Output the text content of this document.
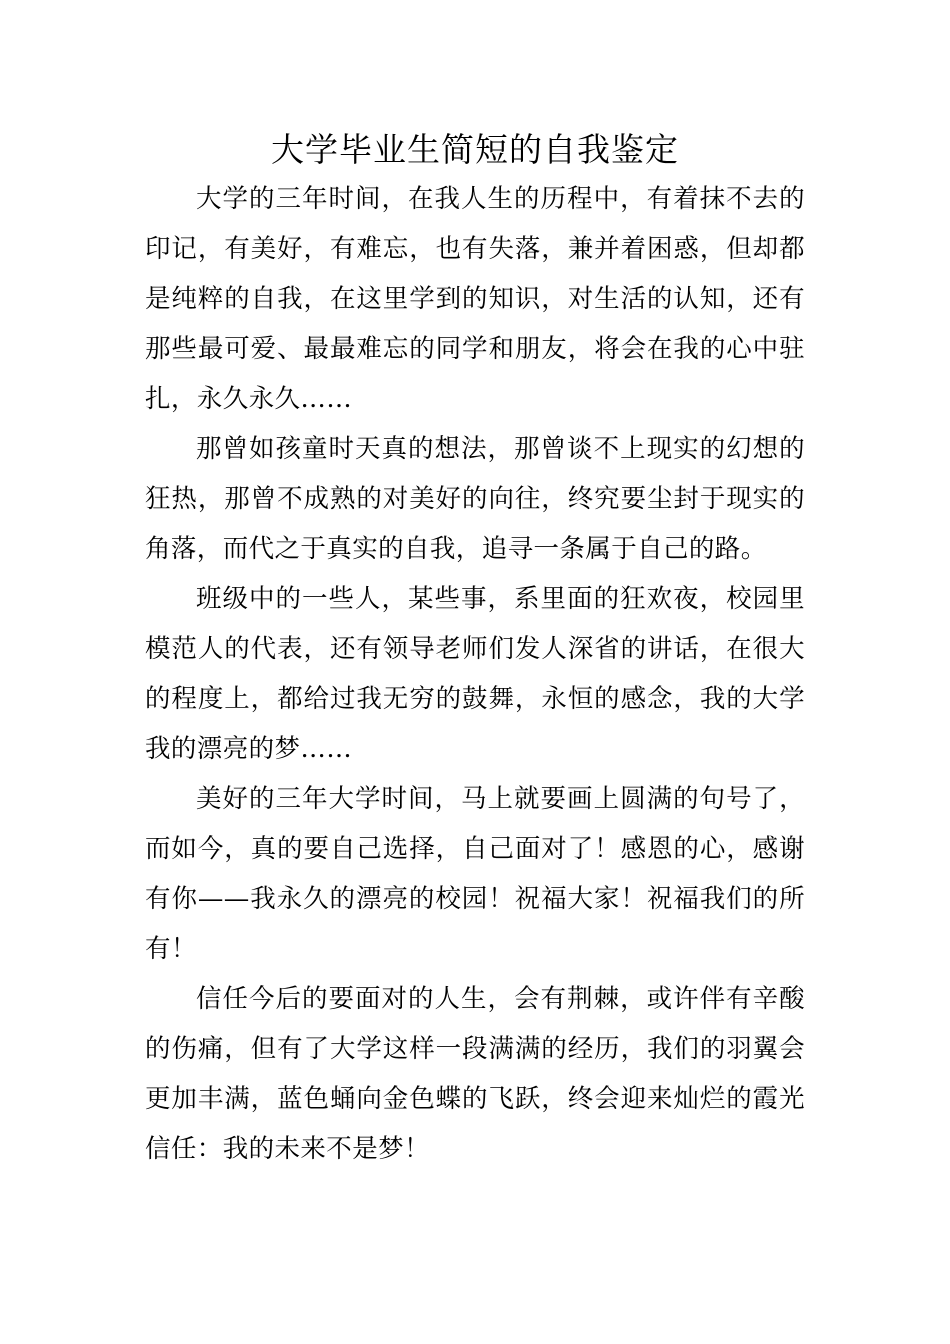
大学毕业生简短的自我鉴定

大学的三年时间，在我人生的历程中，有着抹不去的印记，有美好，有难忘，也有失落，兼并着困惑，但却都是纯粹的自我，在这里学到的知识，对生活的认知，还有那些最可爱、最最难忘的同学和朋友，将会在我的心中驻扎，永久永久……

那曾如孩童时天真的想法，那曾谈不上现实的幻想的狂热，那曾不成熟的对美好的向往，终究要尘封于现实的角落，而代之于真实的自我，追寻一条属于自己的路。

班级中的一些人，某些事，系里面的狂欢夜，校园里模范人的代表，还有领导老师们发人深省的讲话，在很大的程度上，都给过我无穷的鼓舞，永恒的感念，我的大学我的漂亮的梦……

美好的三年大学时间，马上就要画上圆满的句号了，而如今，真的要自己选择，自己面对了！感恩的心，感谢有你——我永久的漂亮的校园！祝福大家！祝福我们的所有！

信任今后的要面对的人生，会有荆棘，或许伴有辛酸的伤痛，但有了大学这样一段满满的经历，我们的羽翼会更加丰满，蓝色蛹向金色蝶的飞跃，终会迎来灿烂的霞光信任：我的未来不是梦！
